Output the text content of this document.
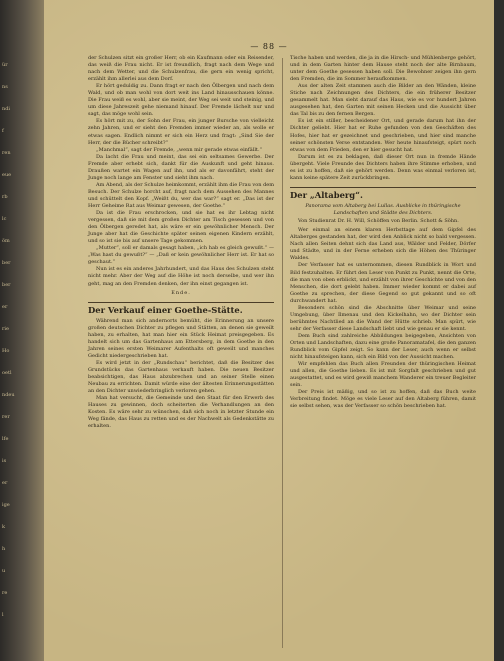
ür
ns
ndi
f
ren
eue
rb
lc
öm
ber
ber
er
rie
Ho
oetl
ndeu
rer
lfe
is
er
ige
k
h
u
re
l
— 88 —

der Schulzen sitzt ein großer Herr, ob ein Kaufmann oder ein Reisender, das weiß die Frau nicht. Er ist freundlich, fragt nach dem Wege und nach dem Wetter, und die Schulzenfrau, die gern ein wenig spricht, erzählt ihm allerlei aus dem Dorf.

Er hört geduldig zu. Dann fragt er nach den Ölbergen und nach dem Wald, und ob man wohl von dort weit ins Land hinausschauen könne. Die Frau weiß es wohl, aber sie meint, der Weg sei weit und steinig, und um diese Jahreszeit gehe niemand hinauf. Der Fremde lächelt nur und sagt, das möge wohl sein.

Es hört mit zu, der Sohn der Frau, ein junger Bursche von vielleicht zehn Jahren, und er sieht den Fremden immer wieder an, als wolle er etwas sagen. Endlich nimmt er sich ein Herz und fragt: „Sind Sie der Herr, der die Bücher schreibt?“

„Manchmal“, sagt der Fremde, „wenn mir gerade etwas einfällt.“

Da lacht die Frau und meint, das sei ein seltsames Gewerbe. Der Fremde aber erhebt sich, dankt für die Auskunft und geht hinaus. Draußen wartet ein Wagen auf ihn, und als er davonfährt, steht der Junge noch lange am Fenster und sieht ihm nach.

Am Abend, als der Schulze heimkommt, erzählt ihm die Frau von dem Besuch. Der Schulze horcht auf, fragt nach dem Aussehen des Mannes und schüttelt den Kopf. „Weißt du, wer das war?“ sagt er. „Das ist der Herr Geheime Rat aus Weimar gewesen, der Goethe.“

Da ist die Frau erschrocken, und sie hat es ihr Lebtag nicht vergessen, daß sie mit dem großen Dichter am Tisch gesessen und von den Ölbergen geredet hat, als wäre er ein gewöhnlicher Mensch. Der Junge aber hat die Geschichte später seinen eigenen Kindern erzählt, und so ist sie bis auf unsere Tage gekommen.

„Mutter“, soll er damals gesagt haben, „ich hab es gleich gewußt.“ — „Was hast du gewußt?“ — „Daß er kein gewöhnlicher Herr ist. Er hat so geschaut.“

Nun ist es ein anderes Jahrhundert, und das Haus des Schulzen steht nicht mehr. Aber der Weg auf die Höhe ist noch derselbe, und wer ihn geht, mag an den Fremden denken, der ihn einst gegangen ist.

Ende.
Der Verkauf einer Goethe-Stätte.

Während man sich andernorts bemüht, die Erinnerung an unsere großen deutschen Dichter zu pflegen und Stätten, an denen sie geweilt haben, zu erhalten, hat man hier ein Stück Heimat preisgegeben. Es handelt sich um das Gartenhaus am Ettersberg, in dem Goethe in den Jahren seines ersten Weimarer Aufenthalts oft geweilt und manches Gedicht niedergeschrieben hat.

Es wird jetzt in der „Rundschau“ berichtet, daß die Besitzer des Grundstücks das Gartenhaus verkauft haben. Die neuen Besitzer beabsichtigen, das Haus abzubrechen und an seiner Stelle einen Neubau zu errichten. Damit würde eine der ältesten Erinnerungsstätten an den Dichter unwiederbringlich verloren gehen.

Man hat versucht, die Gemeinde und den Staat für den Erwerb des Hauses zu gewinnen, doch scheiterten die Verhandlungen an den Kosten. Es wäre sehr zu wünschen, daß sich noch in letzter Stunde ein Weg fände, das Haus zu retten und es der Nachwelt als Gedenkstätte zu erhalten.

Tische haben und werden, die ja in die Hirsch- und Mühlenberge gehört, und in dem Garten hinter dem Hause steht noch der alte Birnbaum, unter dem Goethe gesessen haben soll. Die Bewohner zeigen ihn gern den Fremden, die im Sommer heraufkommen.

Aus der alten Zeit stammen auch die Bilder an den Wänden, kleine Stiche nach Zeichnungen des Dichters, die ein früherer Besitzer gesammelt hat. Man sieht darauf das Haus, wie es vor hundert Jahren ausgesehen hat, den Garten mit seinen Hecken und die Aussicht über das Tal bis zu den fernen Bergen.

Es ist ein stiller, bescheidener Ort, und gerade darum hat ihn der Dichter geliebt. Hier hat er Ruhe gefunden von den Geschäften des Hofes, hier hat er gezeichnet und geschrieben, und hier sind manche seiner schönsten Verse entstanden. Wer heute hinaufsteigt, spürt noch etwas von dem Frieden, den er hier gesucht hat.

Darum ist es zu beklagen, daß dieser Ort nun in fremde Hände übergeht. Viele Freunde des Dichters haben ihre Stimme erhoben, und es ist zu hoffen, daß sie gehört werden. Denn was einmal verloren ist, kann keine spätere Zeit zurückbringen.

Der „Altaberg“.
Panorama vom Altaberg bei Lullas. Ausblicke in thüringische Landschaften und Städte des Dichters.
Von Studienrat Dr. H. Will, Schöffen von Berlin. Schott & Söhn.

Wer einmal an einem klaren Herbsttage auf dem Gipfel des Altaberges gestanden hat, der wird den Anblick nicht so bald vergessen. Nach allen Seiten dehnt sich das Land aus, Wälder und Felder, Dörfer und Städte, und in der Ferne erheben sich die Höhen des Thüringer Waldes.

Der Verfasser hat es unternommen, diesen Rundblick in Wort und Bild festzuhalten. Er führt den Leser von Punkt zu Punkt, nennt die Orte, die man von oben erblickt, und erzählt von ihrer Geschichte und von den Menschen, die dort gelebt haben. Immer wieder kommt er dabei auf Goethe zu sprechen, der diese Gegend so gut gekannt und so oft durchwandert hat.

Besonders schön sind die Abschnitte über Weimar und seine Umgebung, über Ilmenau und den Kickelhahn, wo der Dichter sein berühmtes Nachtlied an die Wand der Hütte schrieb. Man spürt, wie sehr der Verfasser diese Landschaft liebt und wie genau er sie kennt.

Dem Buch sind zahlreiche Abbildungen beigegeben, Ansichten von Orten und Landschaften, dazu eine große Panoramatafel, die den ganzen Rundblick vom Gipfel zeigt. So kann der Leser, auch wenn er selbst nicht hinaufsteigen kann, sich ein Bild von der Aussicht machen.

Wir empfehlen das Buch allen Freunden der thüringischen Heimat und allen, die Goethe lieben. Es ist mit Sorgfalt geschrieben und gut ausgestattet, und es wird gewiß manchem Wanderer ein treuer Begleiter sein.

Der Preis ist mäßig, und so ist zu hoffen, daß das Buch weite Verbreitung findet. Möge es viele Leser auf den Altaberg führen, damit sie selbst sehen, was der Verfasser so schön beschrieben hat.
